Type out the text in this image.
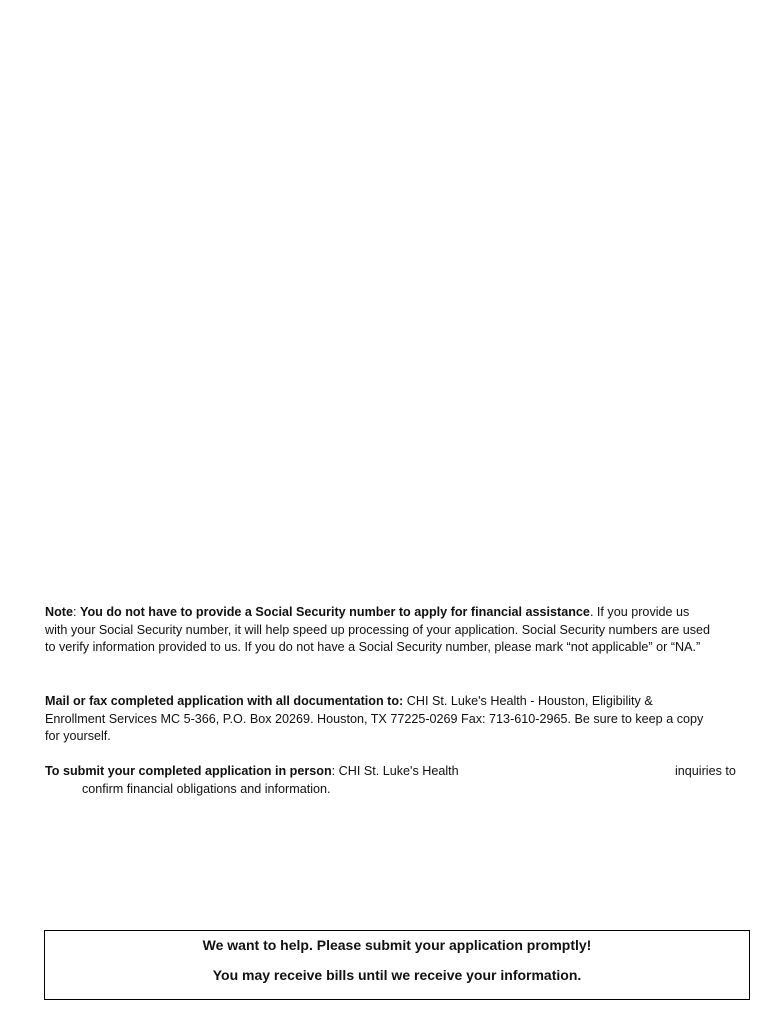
Note: You do not have to provide a Social Security number to apply for financial assistance. If you provide us with your Social Security number, it will help speed up processing of your application. Social Security numbers are used to verify information provided to us. If you do not have a Social Security number, please mark “not applicable” or “NA.”

Mail or fax completed application with all documentation to: CHI St. Luke's Health - Houston, Eligibility & Enrollment Services MC 5-366, P.O. Box 20269. Houston, TX 77225-0269 Fax: 713-610-2965. Be sure to keep a copy for yourself.

To submit your completed application in person: CHI St. Luke's Health	inquiries to
confirm financial obligations and information.
We want to help. Please submit your application promptly!
You may receive bills until we receive your information.
